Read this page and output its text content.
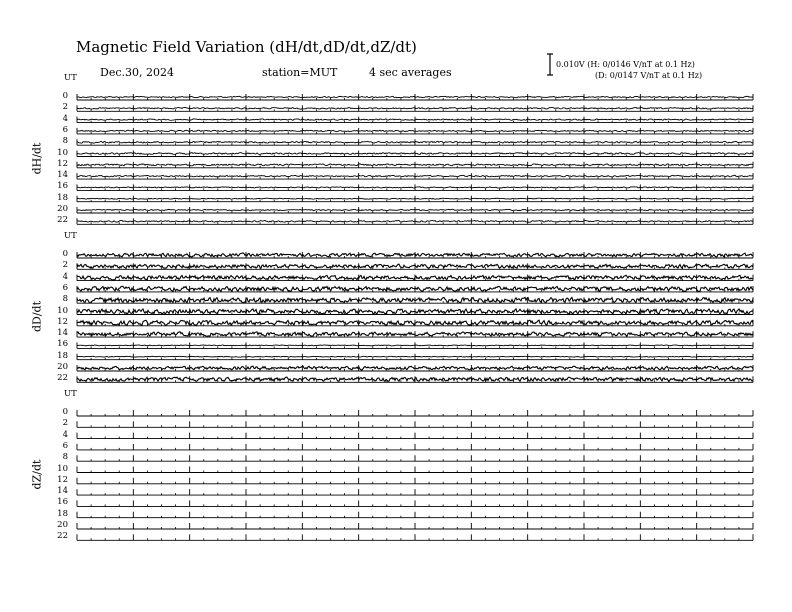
Magnetic Field Variation (dH/dt,dD/dt,dZ/dt)
Dec.30, 2024	station=MUT	4 sec averages
0.010V (H: 0/0146 V/nT at 0.1 Hz)
(D: 0/0147 V/nT at 0.1 Hz)
UT
dH/dt
0
2
4
6
8
10
12
14
16
18
20
22
UT
dD/dt
0
2
4
6
8
10
12
14
16
18
20
22
UT
dZ/dt
0
2
4
6
8
10
12
14
16
18
20
22
